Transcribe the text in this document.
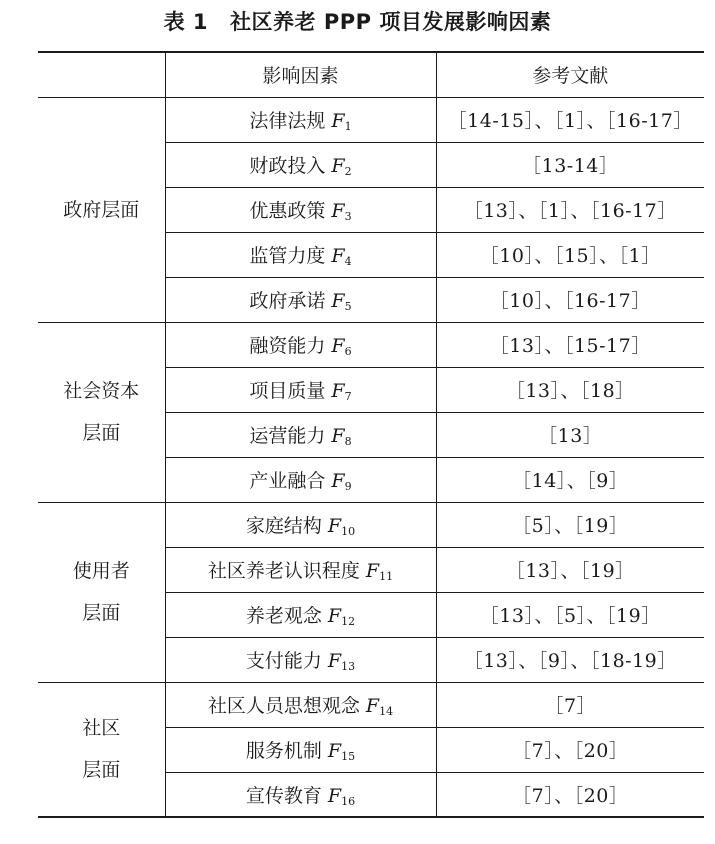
表 1 社区养老 PPP 项目发展影响因素
	影响因素	参考文献

政府层面	法律法规 $F_1$	［14-15］、［1］、［16-17］
	财政投入 $F_2$	［13-14］
	优惠政策 $F_3$	［13］、［1］、［16-17］
	监管力度 $F_4$	［10］、［15］、［1］
	政府承诺 $F_5$	［10］、［16-17］

社会资本
层面	融资能力 $F_6$	［13］、［15-17］
	项目质量 $F_7$	［13］、［18］
	运营能力 $F_8$	［13］
	产业融合 $F_9$	［14］、［9］

使用者
层面	家庭结构 $F_{10}$	［5］、［19］
	社区养老认识程度 $F_{11}$	［13］、［19］
	养老观念 $F_{12}$	［13］、［5］、［19］
	支付能力 $F_{13}$	［13］、［9］、［18-19］

社区
层面	社区人员思想观念 $F_{14}$	［7］
	服务机制 $F_{15}$	［7］、［20］
	宣传教育 $F_{16}$	［7］、［20］
